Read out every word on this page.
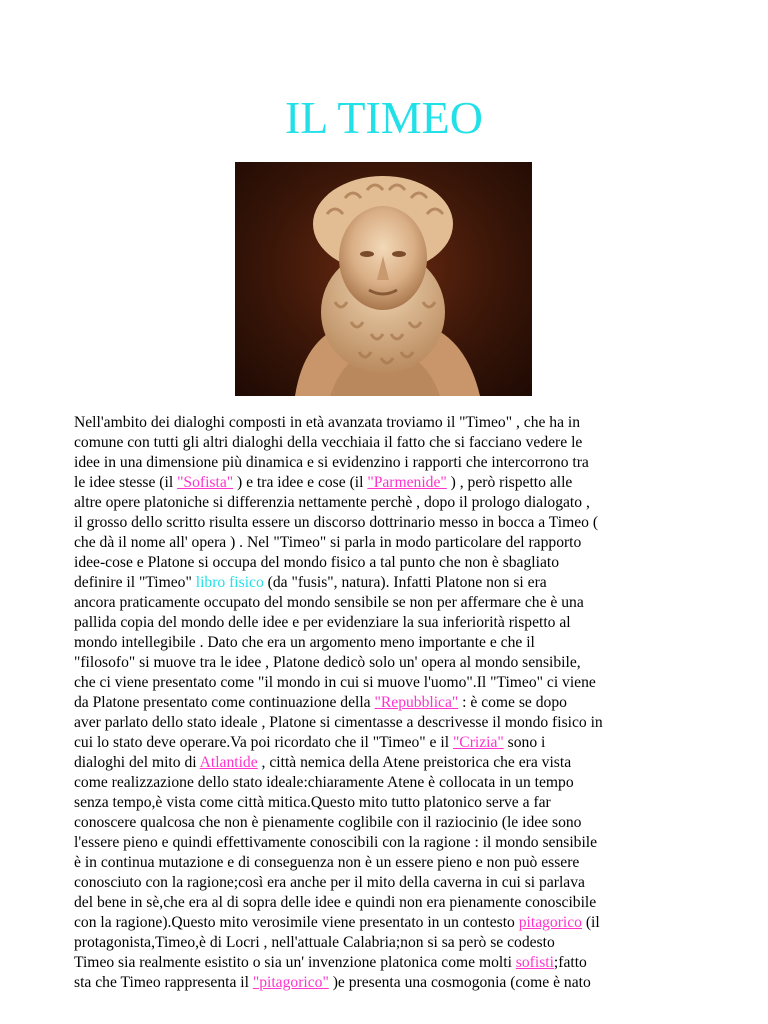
IL TIMEO
Nell'ambito dei dialoghi composti in età avanzata troviamo il "Timeo" , che ha in
comune con tutti gli altri dialoghi della vecchiaia il fatto che si facciano vedere le
idee in una dimensione più dinamica e si evidenzino i rapporti che intercorrono tra
le idee stesse (il "Sofista" ) e tra idee e cose (il "Parmenide" ) , però rispetto alle
altre opere platoniche si differenzia nettamente perchè , dopo il prologo dialogato ,
il grosso dello scritto risulta essere un discorso dottrinario messo in bocca a Timeo (
che dà il nome all' opera ) . Nel "Timeo" si parla in modo particolare del rapporto
idee-cose e Platone si occupa del mondo fisico a tal punto che non è sbagliato
definire il "Timeo" libro fisico (da "fusis", natura). Infatti Platone non si era
ancora praticamente occupato del mondo sensibile se non per affermare che è una
pallida copia del mondo delle idee e per evidenziare la sua inferiorità rispetto al
mondo intellegibile . Dato che era un argomento meno importante e che il
"filosofo" si muove tra le idee , Platone dedicò solo un' opera al mondo sensibile,
che ci viene presentato come "il mondo in cui si muove l'uomo".Il "Timeo" ci viene
da Platone presentato come continuazione della "Repubblica" : è come se dopo
aver parlato dello stato ideale , Platone si cimentasse a descrivesse il mondo fisico in
cui lo stato deve operare.Va poi ricordato che il "Timeo" e il "Crizia" sono i
dialoghi del mito di Atlantide , città nemica della Atene preistorica che era vista
come realizzazione dello stato ideale:chiaramente Atene è collocata in un tempo
senza tempo,è vista come città mitica.Questo mito tutto platonico serve a far
conoscere qualcosa che non è pienamente coglibile con il raziocinio (le idee sono
l'essere pieno e quindi effettivamente conoscibili con la ragione : il mondo sensibile
è in continua mutazione e di conseguenza non è un essere pieno e non può essere
conosciuto con la ragione;così era anche per il mito della caverna in cui si parlava
del bene in sè,che era al di sopra delle idee e quindi non era pienamente conoscibile
con la ragione).Questo mito verosimile viene presentato in un contesto pitagorico (il
protagonista,Timeo,è di Locri , nell'attuale Calabria;non si sa però se codesto
Timeo sia realmente esistito o sia un' invenzione platonica come molti sofisti;fatto
sta che Timeo rappresenta il "pitagorico" )e presenta una cosmogonia (come è nato
